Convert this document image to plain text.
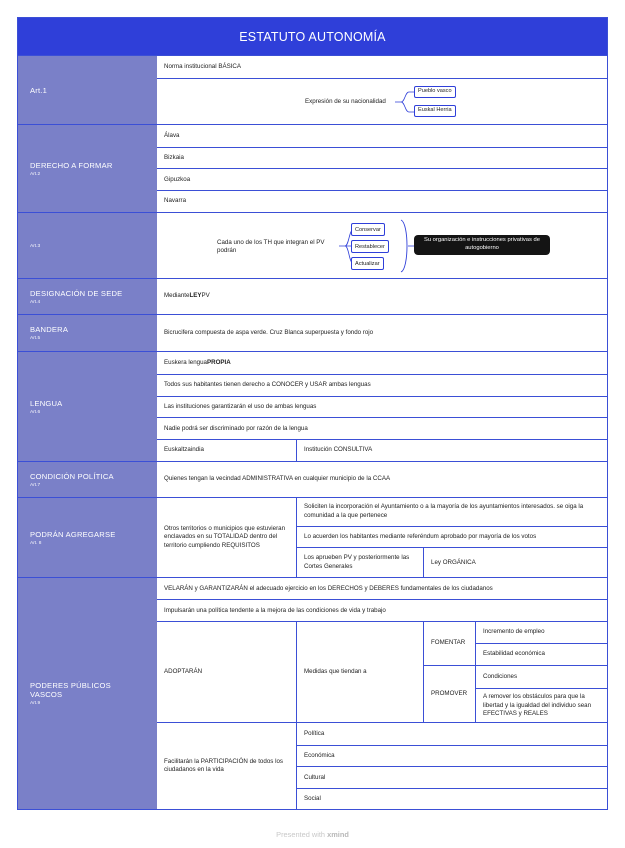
ESTATUTO AUTONOMÍA
Art.1
Norma institucional BÁSICA
Expresión de su nacionalidad
Pueblo vasco
Euskal Herria
DERECHO A FORMAR
Art.2
Álava
Bizkaia
Gipuzkoa
Navarra
Art.3
Cada uno de los TH que integran el PV podrán
Conservar
Restablecer
Actualizar
Su organización e instrucciones privativas de autogobierno
DESIGNACIÓN DE SEDE
Art.4
Mediante LEY PV
BANDERA
Art.5
Bicrucifera compuesta de aspa verde. Cruz Blanca superpuesta y fondo rojo
LENGUA
Art.6
Euskera lengua PROPIA
Todos sus habitantes tienen derecho a CONOCER y USAR ambas lenguas
Las instituciones garantizarán el uso de ambas lenguas
Nadie podrá ser discriminado por razón de la lengua
Euskaltzaindia	Institución CONSULTIVA
CONDICIÓN POLÍTICA
Art.7
Quienes tengan la vecindad ADMINISTRATIVA en cualquier municipio de la CCAA
PODRÁN AGREGARSE
Art. 8
Otros territorios o municipios que estuvieran enclavados en su TOTALIDAD dentro del territorio cumpliendo REQUISITOS
Soliciten la incorporación el Ayuntamiento o a la mayoría de los ayuntamientos interesados. se oiga la comunidad a la que pertenece
Lo acuerden los habitantes mediante referéndum aprobado por mayoría de los votos
Los aprueben PV y posteriormente las Cortes Generales
Ley ORGÁNICA
PODERES PÚBLICOS VASCOS
Art.9
VELARÁN y GARANTIZARÁN el adecuado ejercicio en los DERECHOS y DEBERES fundamentales de los ciudadanos
Impulsarán una política tendente a la mejora de las condiciones de vida y trabajo
ADOPTARÁN	Medidas que tiendan a
FOMENTAR
Incremento de empleo
Estabilidad económica
PROMOVER
Condiciones
A remover los obstáculos para que la libertad y la igualdad del individuo sean EFECTIVAS y REALES
Facilitarán la PARTICIPACIÓN de todos los ciudadanos en la vida
Política
Económica
Cultural
Social
Presented with xmind
